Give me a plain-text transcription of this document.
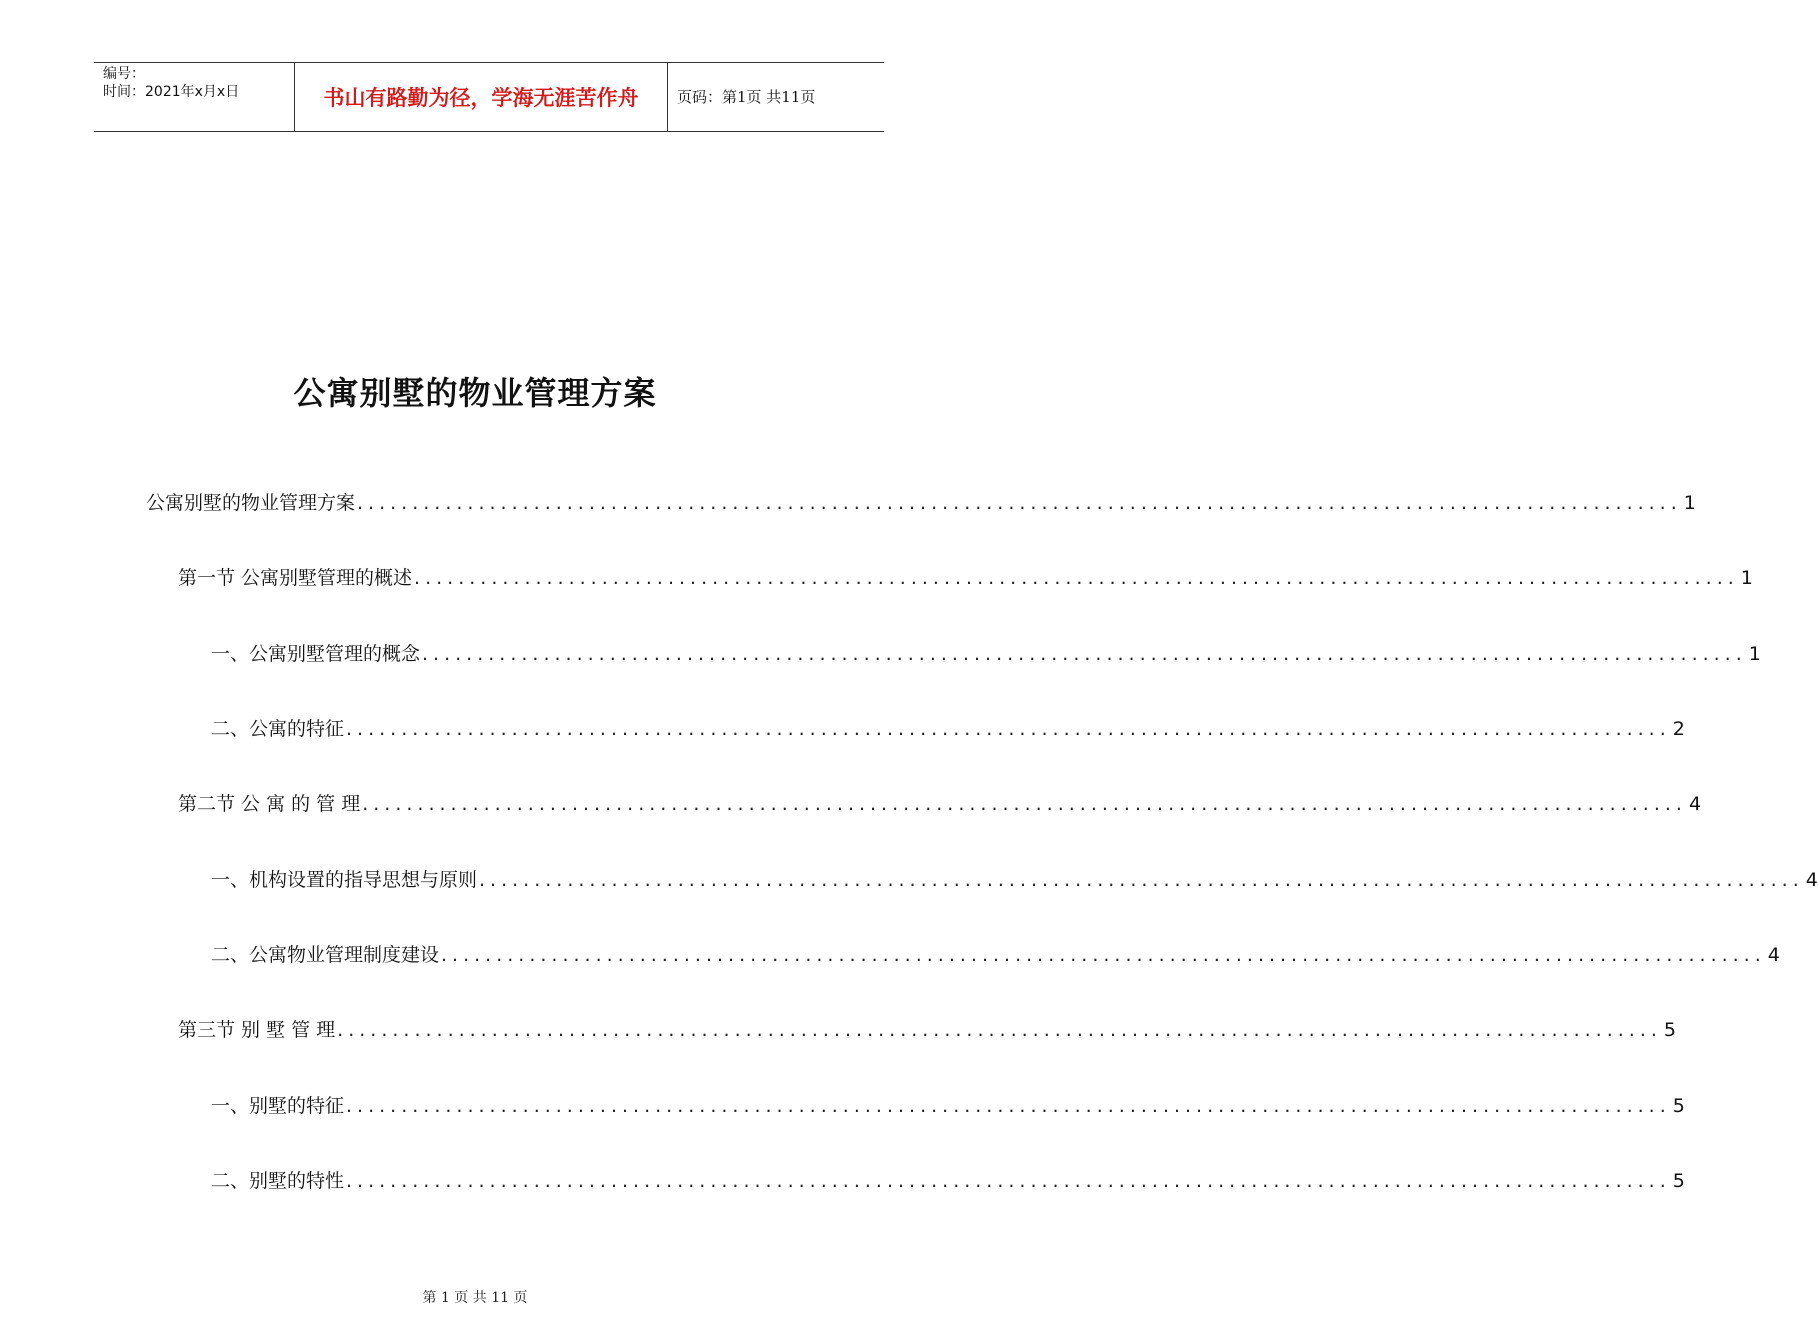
编号：
时间：2021年x月x日	书山有路勤为径，学海无涯苦作舟	页码：第1页 共11页
公寓别墅的物业管理方案
公寓别墅的物业管理方案 ........................................................................................................................ 1
第一节 公寓别墅管理的概述 ........................................................................................................................ 1
一、公寓别墅管理的概念 ........................................................................................................................ 1
二、公寓的特征 ........................................................................................................................ 2
第二节 公 寓 的 管 理 ........................................................................................................................ 4
一、机构设置的指导思想与原则 ........................................................................................................................ 4
二、公寓物业管理制度建设 ........................................................................................................................ 4
第三节 别 墅 管 理 ........................................................................................................................ 5
一、别墅的特征 ........................................................................................................................ 5
二、别墅的特性 ........................................................................................................................ 5
第 1 页 共 11 页
